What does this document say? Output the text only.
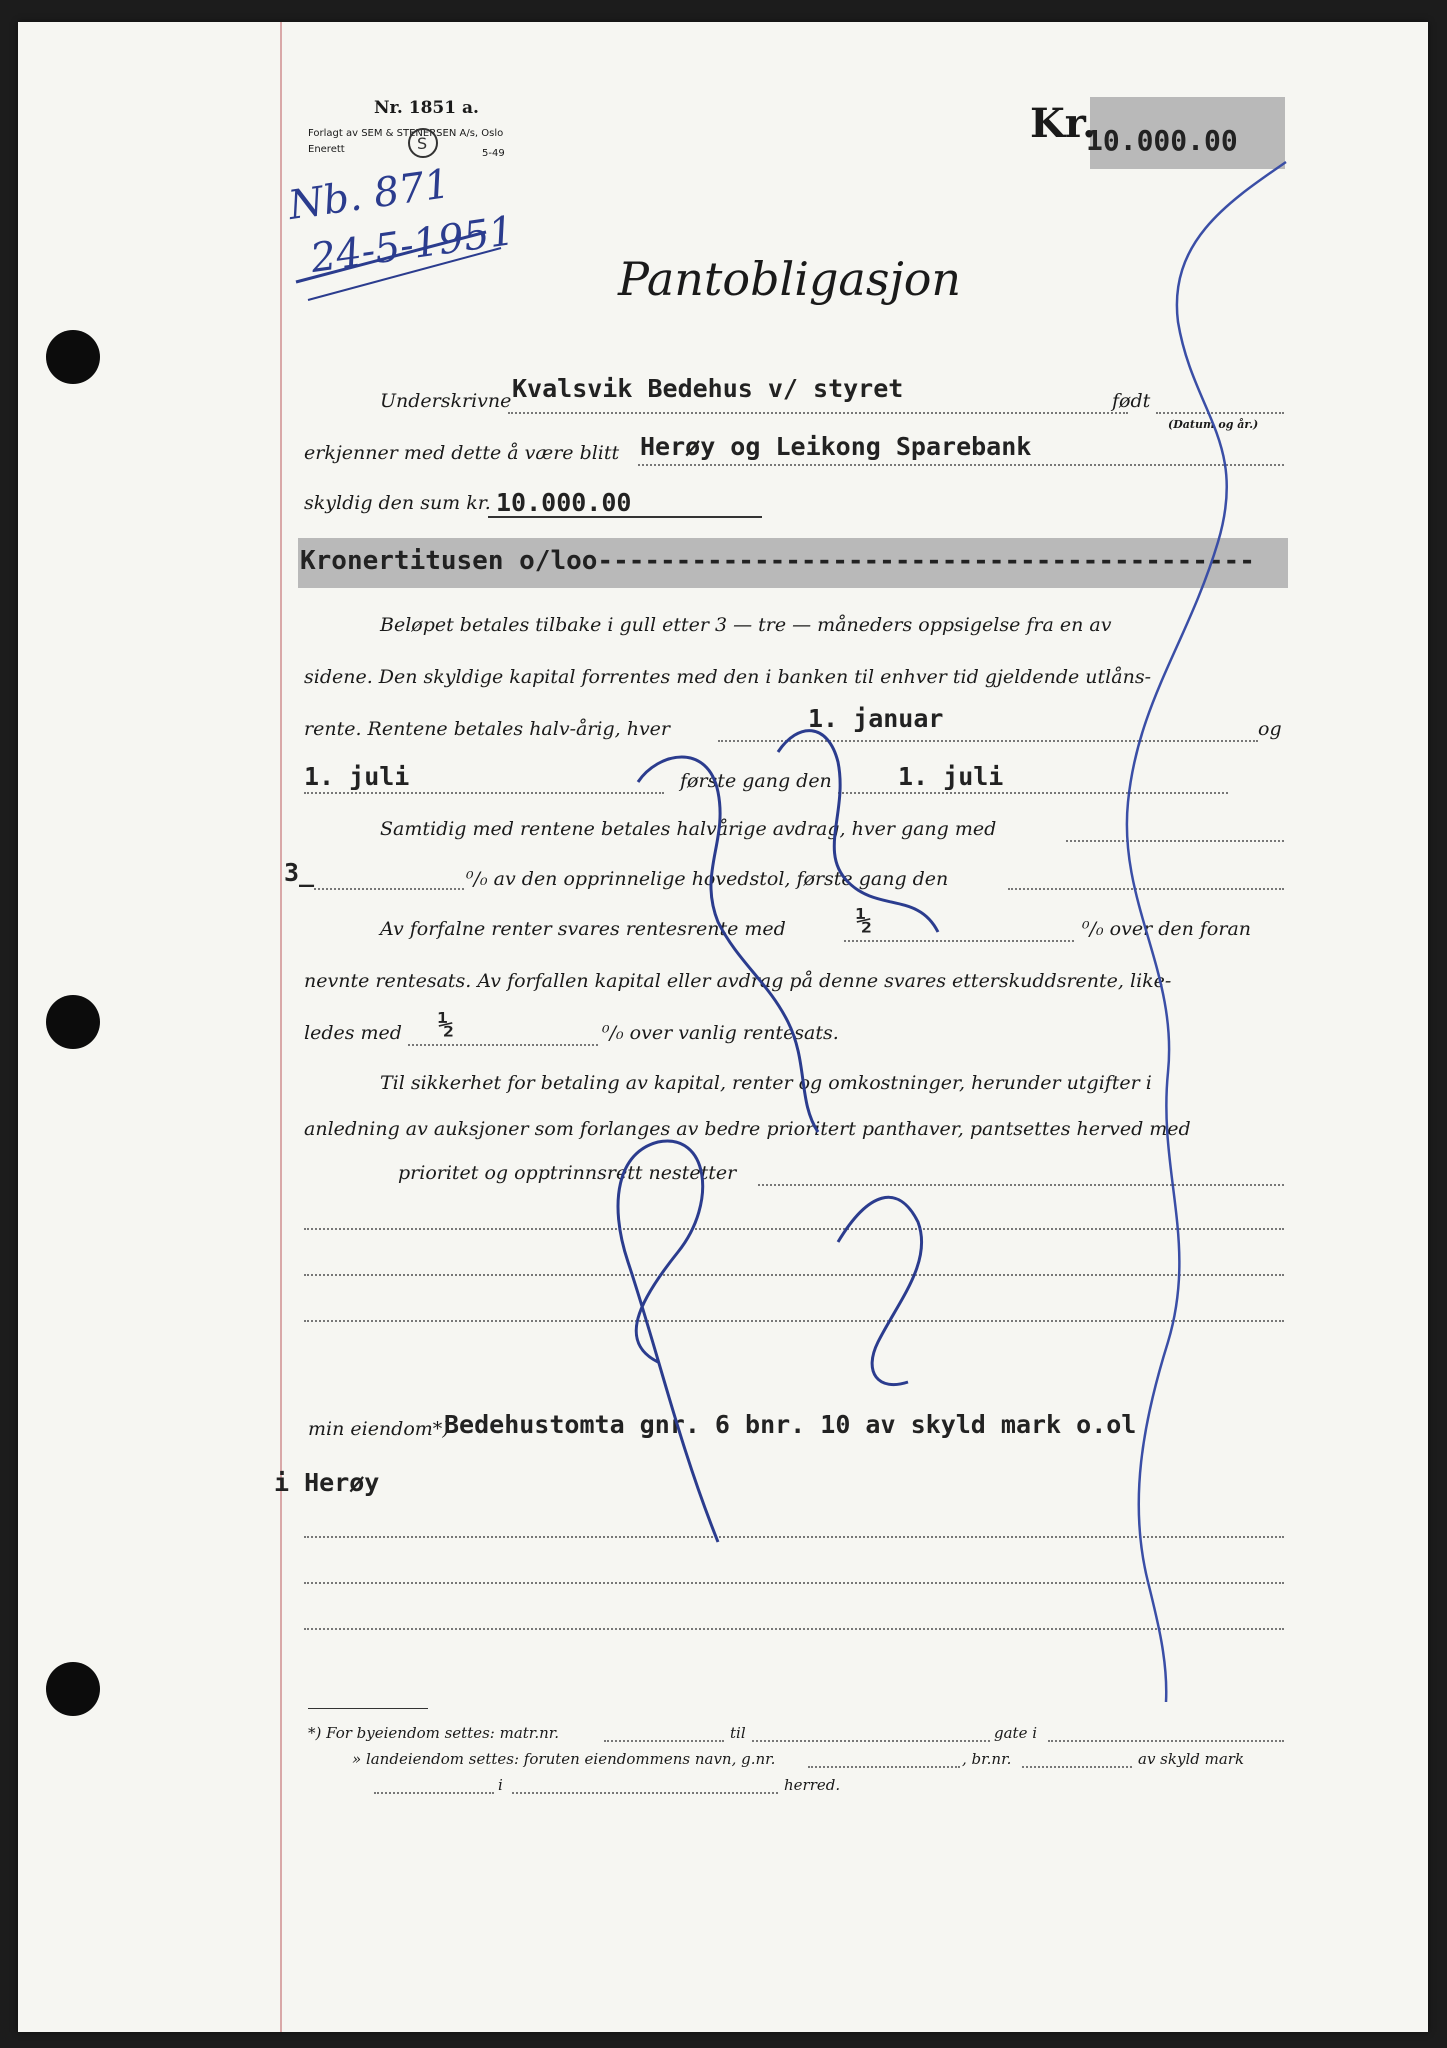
Nr. 1851 a.
Forlagt av SEM & STENERSEN A/s, Oslo
Enerett	5-49
S	Kr.
10.000.00
Nb. 871
24-5-1951 Pantobligasjon
Underskrivne Kvalsvik Bedehus v/ styret	født
(Datum og år.)
erkjenner med dette å være blitt Herøy og Leikong Sparebank
skyldig den sum kr. 10.000.00
Kronertitusen o/loo------------------------------------------
Beløpet betales tilbake i gull etter 3 — tre — måneders oppsigelse fra en av
sidene. Den skyldige kapital forrentes med den i banken til enhver tid gjeldende utlåns-
rente. Rentene betales halv-årig, hver	1. januar	og
1. juli	første gang den	1. juli
Samtidig med rentene betales halvårige avdrag, hver gang med
3_	⁰/₀ av den opprinnelige hovedstol, første gang den
Av forfalne renter svares rentesrente med	½	⁰/₀ over den foran
nevnte rentesats. Av forfallen kapital eller avdrag på denne svares etterskuddsrente, like-
ledes med ½	⁰/₀ over vanlig rentesats.
Til sikkerhet for betaling av kapital, renter og omkostninger, herunder utgifter i
anledning av auksjoner som forlanges av bedre prioritert panthaver, pantsettes herved med
prioritet og opptrinnsrett nestetter
min eiendom*)
Bedehustomta gnr. 6 bnr. 10 av skyld mark o.ol
i Herøy
*) For byeiendom settes: matr.nr.	til	gate i
» landeiendom settes: foruten eiendommens navn, g.nr.	, br.nr.	av skyld mark
i	herred.
